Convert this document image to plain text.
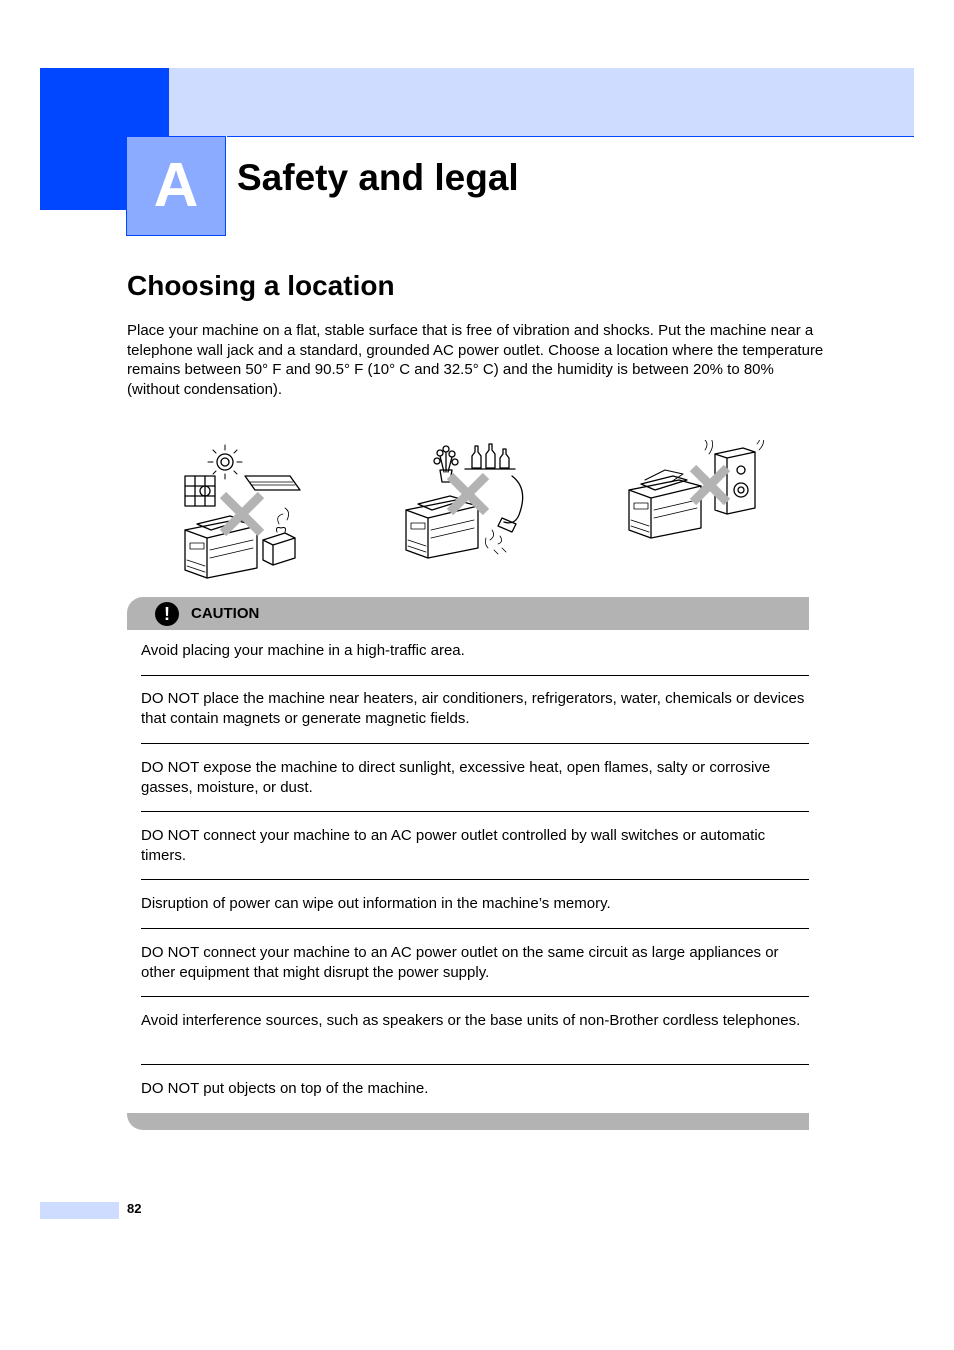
A Safety and legal
Choosing a location

Place your machine on a flat, stable surface that is free of vibration and shocks. Put the machine near a telephone wall jack and a standard, grounded AC power outlet. Choose a location where the temperature remains between 50° F and 90.5° F (10° C and 32.5° C) and the humidity is between 20% to 80% (without condensation).

!	CAUTION

Avoid placing your machine in a high-traffic area.

DO NOT place the machine near heaters, air conditioners, refrigerators, water, chemicals or devices that contain magnets or generate magnetic fields.

DO NOT expose the machine to direct sunlight, excessive heat, open flames, salty or corrosive gasses, moisture, or dust.

DO NOT connect your machine to an AC power outlet controlled by wall switches or automatic timers.

Disruption of power can wipe out information in the machine’s memory.

DO NOT connect your machine to an AC power outlet on the same circuit as large appliances or other equipment that might disrupt the power supply.

Avoid interference sources, such as speakers or the base units of non-Brother cordless telephones.

DO NOT put objects on top of the machine.

82
